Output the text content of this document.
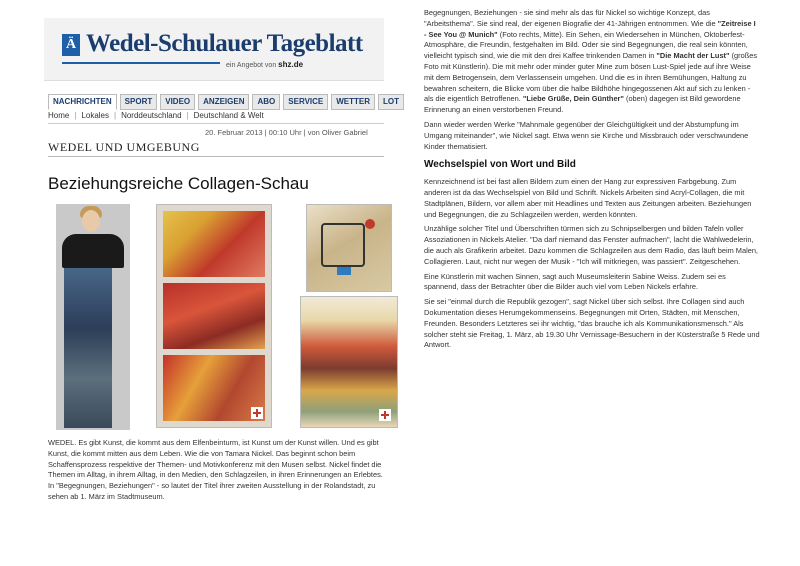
Ä Wedel-Schulauer Tageblatt
ein Angebot von shz.de
NACHRICHTEN	SPORT	VIDEO	ANZEIGEN	ABO	SERVICE	WETTER	LOT
Home | Lokales | Norddeutschland | Deutschland & Welt
20. Februar 2013 | 00:10 Uhr | von Oliver Gabriel
WEDEL UND UMGEBUNG
Beziehungsreiche Collagen-Schau

WEDEL. Es gibt Kunst, die kommt aus dem Elfenbeinturm, ist Kunst um der Kunst willen. Und es gibt Kunst, die kommt mitten aus dem Leben. Wie die von Tamara Nickel. Das beginnt schon beim Schaffensprozess respektive der Themen- und Motivkonferenz mit den Musen selbst. Nickel findet die Themen im Alltag, in ihrem Alltag, in den Medien, den Schlagzeilen, in ihren Erinnerungen an Erlebtes. In "Begegnungen, Beziehungen" - so lautet der Titel ihrer zweiten Ausstellung in der Rolandstadt, zu sehen ab 1. März im Stadtmuseum.

Begegnungen, Beziehungen - sie sind mehr als das für Nickel so wichtige Konzept, das "Arbeitsthema". Sie sind real, der eigenen Biografie der 41-Jährigen entnommen. Wie die "Zeitreise I - See You @ Munich" (Foto rechts, Mitte). Ein Sehen, ein Wiedersehen in München, Oktoberfest-Atmosphäre, die Freundin, festgehalten im Bild. Oder sie sind Begegnungen, die real sein könnten, vielleicht typisch sind, wie die mit den drei Kaffee trinkenden Damen in "Die Macht der Lust" (großes Foto mit Künstlerin). Die mit mehr oder minder guter Mine zum bösen Lust-Spiel jede auf ihre Weise mit dem Betrogensein, dem Verlassensein umgehen. Und die es in ihren Bemühungen, Haltung zu bewahren scheitern, die Blicke vom über die halbe Bildhöhe hingegossenen Akt auf sich zu lenken - als die eigentlich Betroffenen. "Liebe Grüße, Dein Günther" (oben) dagegen ist Bild gewordene Erinnerung an einen verstorbenen Freund.

Dann wieder werden Werke "Mahnmale gegenüber der Gleichgültigkeit und der Abstumpfung im Umgang miteinander", wie Nickel sagt. Etwa wenn sie Kirche und Missbrauch oder verschwundene Kinder thematisiert.

Wechselspiel von Wort und Bild

Kennzeichnend ist bei fast allen Bildern zum einen der Hang zur expressiven Farbgebung. Zum anderen ist da das Wechselspiel von Bild und Schrift. Nickels Arbeiten sind Acryl-Collagen, die mit Stadtplänen, Bildern, vor allem aber mit Headlines und Texten aus Zeitungen arbeiten. Beziehungen und Begegnungen, die zu Schlagzeilen werden, werden könnten.

Unzählige solcher Titel und Überschriften türmen sich zu Schnipselbergen und bilden Tafeln voller Assoziationen in Nickels Atelier. "Da darf niemand das Fenster aufmachen", lacht die Wahlwedelerin, die auch als Grafikerin arbeitet. Dazu kommen die Schlagzeilen aus dem Radio, das läuft beim Malen, Collagieren. Laut, nicht nur wegen der Musik - "Ich will mitkriegen, was passiert". Zeitgeschehen.

Eine Künstlerin mit wachen Sinnen, sagt auch Museumsleiterin Sabine Weiss. Zudem sei es spannend, dass der Betrachter über die Bilder auch viel vom Leben Nickels erfahre.

Sie sei "einmal durch die Republik gezogen", sagt Nickel über sich selbst. Ihre Collagen sind auch Dokumentation dieses Herumgekommenseins. Begegnungen mit Orten, Städten, mit Menschen, Freunden. Besonders Letzteres sei ihr wichtig, "das brauche ich als Kommunikationsmensch." Als solcher steht sie Freitag, 1. März, ab 19.30 Uhr Vernissage-Besuchern in der Küsterstraße 5 Rede und Antwort.
